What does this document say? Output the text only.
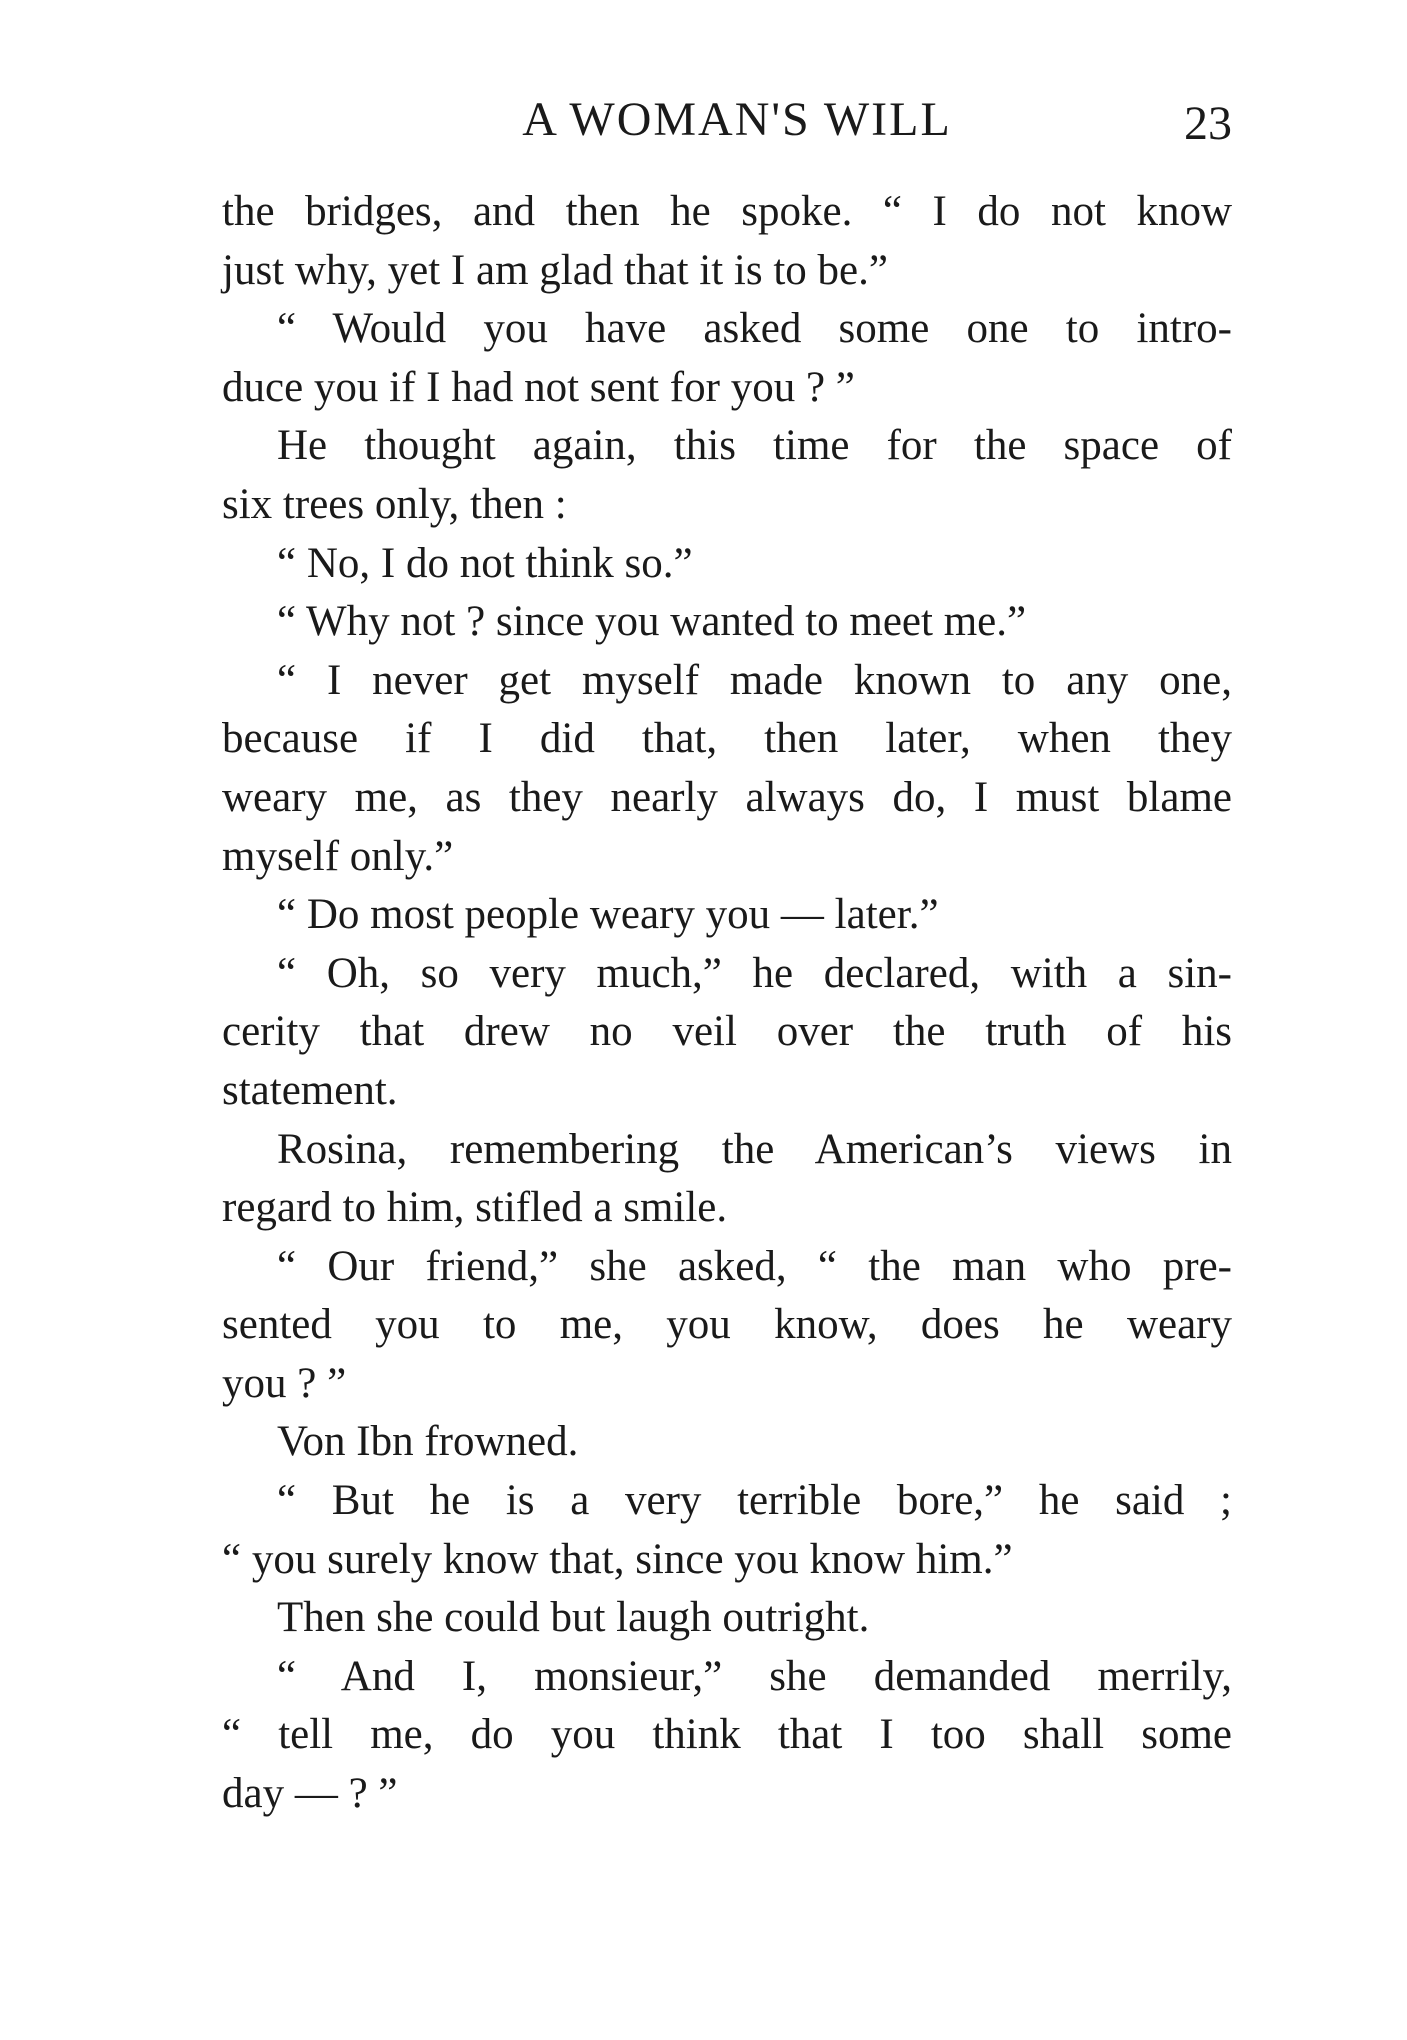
A WOMAN'S WILL	23
the bridges, and then he spoke. “ I do not know
just why, yet I am glad that it is to be.”
“ Would you have asked some one to intro-
duce you if I had not sent for you ? ”
He thought again, this time for the space of
six trees only, then :
“ No, I do not think so.”
“ Why not ? since you wanted to meet me.”
“ I never get myself made known to any one,
because if I did that, then later, when they
weary me, as they nearly always do, I must blame
myself only.”
“ Do most people weary you — later.”
“ Oh, so very much,” he declared, with a sin-
cerity that drew no veil over the truth of his
statement.
Rosina, remembering the American’s views in
regard to him, stifled a smile.
“ Our friend,” she asked, “ the man who pre-
sented you to me, you know, does he weary
you ? ”
Von Ibn frowned.
“ But he is a very terrible bore,” he said ;
“ you surely know that, since you know him.”
Then she could but laugh outright.
“ And I, monsieur,” she demanded merrily,
“ tell me, do you think that I too shall some
day — ? ”
